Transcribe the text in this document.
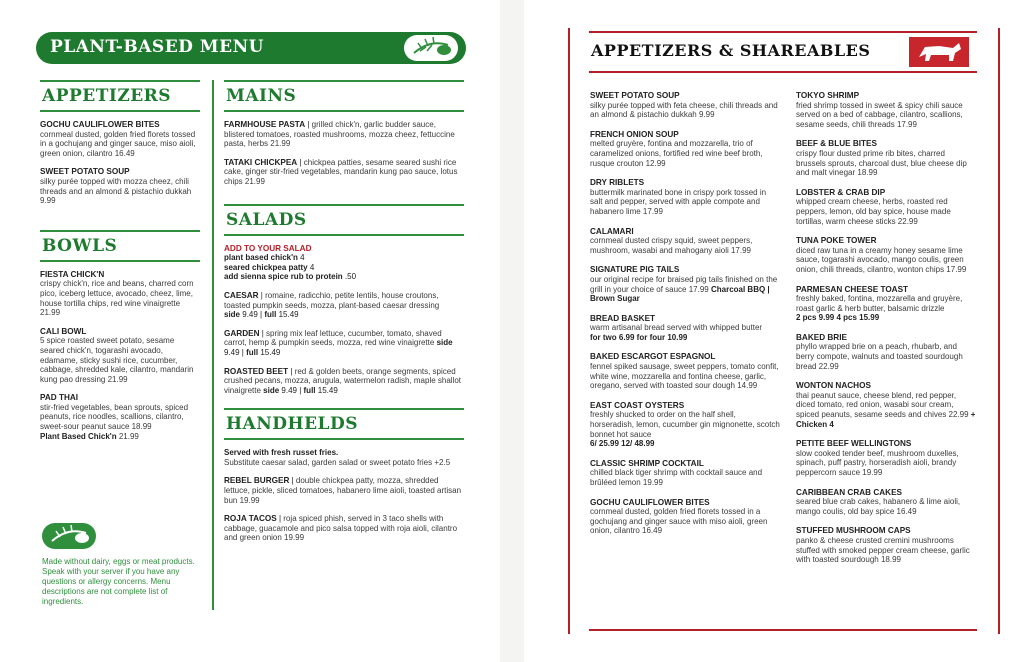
PLANT-BASED MENU
APPETIZERS
GOCHU CAULIFLOWER BITES
cornmeal dusted, golden fried florets tossed in a gochujang and ginger sauce, miso aioli, green onion, cilantro 16.49
SWEET POTATO SOUP
silky purée topped with mozza cheez, chili threads and an almond & pistachio dukkah 9.99
BOWLS
FIESTA CHICK'N
crispy chick'n, rice and beans, charred corn pico, iceberg lettuce, avocado, cheez, lime, house tortilla chips, red wine vinaigrette 21.99
CALI BOWL
5 spice roasted sweet potato, sesame seared chick'n, togarashi avocado, edamame, sticky sushi rice, cucumber, cabbage, shredded kale, cilantro, mandarin kung pao dressing 21.99
PAD THAI
stir-fried vegetables, bean sprouts, spiced peanuts, rice noodles, scallions, cilantro, sweet-sour peanut sauce 18.99
Plant Based Chick'n 21.99
Made without dairy, eggs or meat products. Speak with your server if you have any questions or allergy concerns. Menu descriptions are not complete list of ingredients.
MAINS
FARMHOUSE PASTA | grilled chick'n, garlic budder sauce, blistered tomatoes, roasted mushrooms, mozza cheez, fettuccine pasta, herbs 21.99
TATAKI CHICKPEA | chickpea patties, sesame seared sushi rice cake, ginger stir-fried vegetables, mandarin kung pao sauce, lotus chips 21.99
SALADS
ADD TO YOUR SALAD
plant based chick'n 4
seared chickpea patty 4
add sienna spice rub to protein .50
CAESAR | romaine, radicchio, petite lentils, house croutons, toasted pumpkin seeds, mozza, plant-based caesar dressing
side 9.49 | full 15.49
GARDEN | spring mix leaf lettuce, cucumber, tomato, shaved carrot, hemp & pumpkin seeds, mozza, red wine vinaigrette side 9.49 | full 15.49
ROASTED BEET | red & golden beets, orange segments, spiced crushed pecans, mozza, arugula, watermelon radish, maple shallot vinaigrette side 9.49 | full 15.49
HANDHELDS
Served with fresh russet fries.
Substitute caesar salad, garden salad or sweet potato fries +2.5
REBEL BURGER | double chickpea patty, mozza, shredded lettuce, pickle, sliced tomatoes, habanero lime aioli, toasted artisan bun 19.99
ROJA TACOS | roja spiced phish, served in 3 taco shells with cabbage, guacamole and pico salsa topped with roja aioli, cilantro and green onion 19.99
APPETIZERS & SHAREABLES
SWEET POTATO SOUP
silky purée topped with feta cheese, chili threads and an almond & pistachio dukkah 9.99
FRENCH ONION SOUP
melted gruyère, fontina and mozzarella, trio of caramelized onions, fortified red wine beef broth, rusque crouton 12.99
DRY RIBLETS
buttermilk marinated bone in crispy pork tossed in salt and pepper, served with apple compote and habanero lime 17.99
CALAMARI
cornmeal dusted crispy squid, sweet peppers, mushroom, wasabi and mahogany aioli 17.99
SIGNATURE PIG TAILS
our original recipe for braised pig tails finished on the grill in your choice of sauce 17.99 Charcoal BBQ | Brown Sugar
BREAD BASKET
warm artisanal bread served with whipped butter
for two 6.99 for four 10.99
BAKED ESCARGOT ESPAGNOL
fennel spiked sausage, sweet peppers, tomato confit, white wine, mozzarella and fontina cheese, garlic, oregano, served with toasted sour dough 14.99
EAST COAST OYSTERS
freshly shucked to order on the half shell, horseradish, lemon, cucumber gin mignonette, scotch bonnet hot sauce
6/ 25.99 12/ 48.99
CLASSIC SHRIMP COCKTAIL
chilled black tiger shrimp with cocktail sauce and brûléed lemon 19.99
GOCHU CAULIFLOWER BITES
cornmeal dusted, golden fried florets tossed in a gochujang and ginger sauce with miso aioli, green onion, cilantro 16.49
TOKYO SHRIMP
fried shrimp tossed in sweet & spicy chili sauce served on a bed of cabbage, cilantro, scallions, sesame seeds, chili threads 17.99
BEEF & BLUE BITES
crispy flour dusted prime rib bites, charred brussels sprouts, charcoal dust, blue cheese dip and malt vinegar 18.99
LOBSTER & CRAB DIP
whipped cream cheese, herbs, roasted red peppers, lemon, old bay spice, house made tortillas, warm cheese sticks 22.99
TUNA POKE TOWER
diced raw tuna in a creamy honey sesame lime sauce, togarashi avocado, mango coulis, green onion, chili threads, cilantro, wonton chips 17.99
PARMESAN CHEESE TOAST
freshly baked, fontina, mozzarella and gruyère, roast garlic & herb butter, balsamic drizzle
2 pcs 9.99 4 pcs 15.99
BAKED BRIE
phyllo wrapped brie on a peach, rhubarb, and berry compote, walnuts and toasted sourdough bread 22.99
WONTON NACHOS
thai peanut sauce, cheese blend, red pepper, diced tomato, red onion, wasabi sour cream, spiced peanuts, sesame seeds and chives 22.99 + Chicken 4
PETITE BEEF WELLINGTONS
slow cooked tender beef, mushroom duxelles, spinach, puff pastry, horseradish aioli, brandy peppercorn sauce 19.99
CARIBBEAN CRAB CAKES
seared blue crab cakes, habanero & lime aioli, mango coulis, old bay spice 16.49
STUFFED MUSHROOM CAPS
panko & cheese crusted cremini mushrooms stuffed with smoked pepper cream cheese, garlic with toasted sourdough 18.99
